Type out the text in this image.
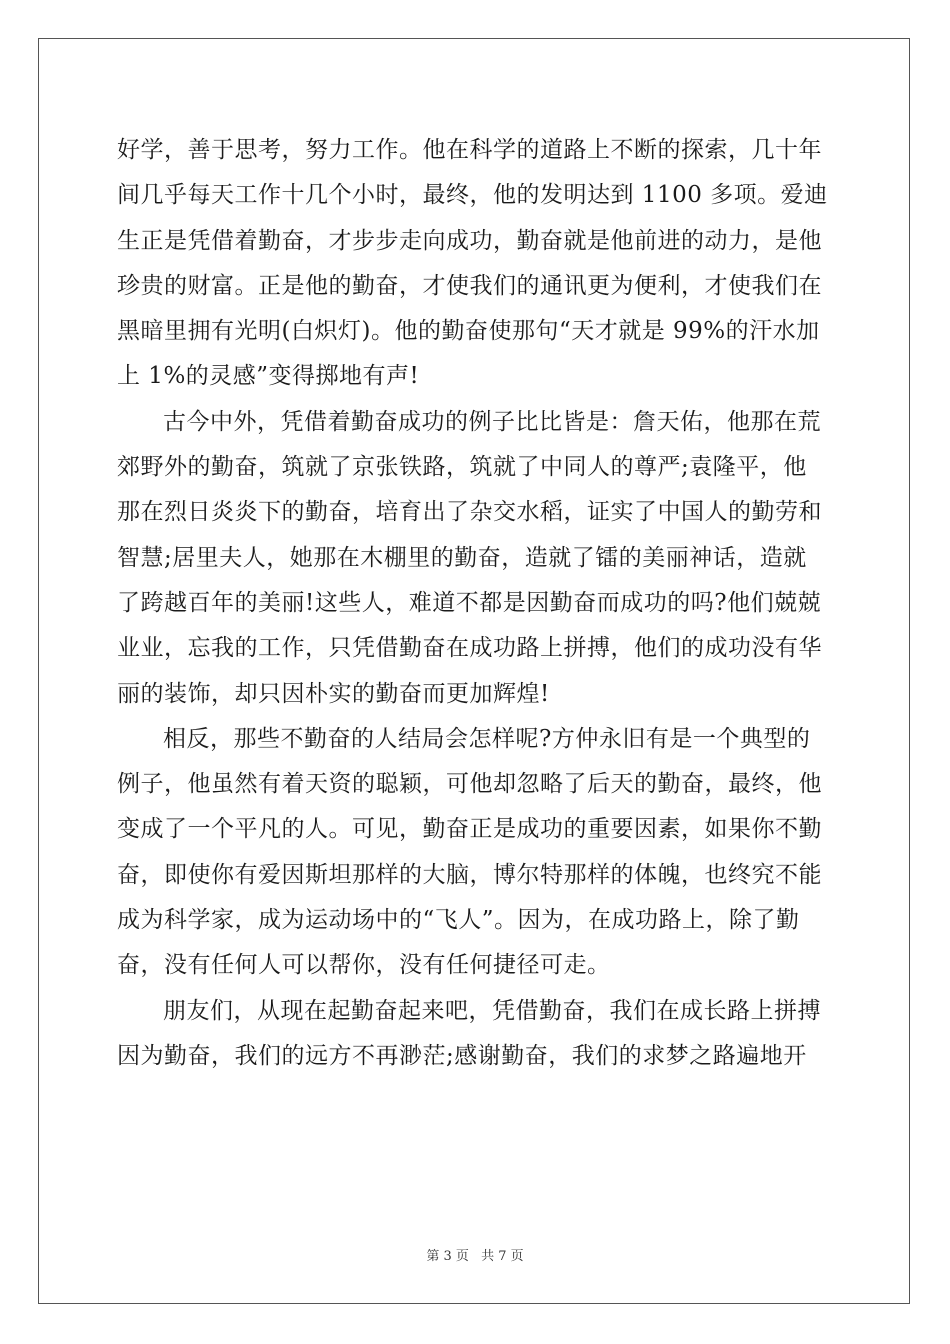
好学，善于思考，努力工作。他在科学的道路上不断的探索，几十年
间几乎每天工作十几个小时，最终，他的发明达到 1100 多项。爱迪
生正是凭借着勤奋，才步步走向成功，勤奋就是他前进的动力，是他
珍贵的财富。正是他的勤奋，才使我们的通讯更为便利，才使我们在
黑暗里拥有光明(白炽灯)。他的勤奋使那句“天才就是 99%的汗水加
上 1%的灵感”变得掷地有声!
古今中外，凭借着勤奋成功的例子比比皆是：詹天佑，他那在荒
郊野外的勤奋，筑就了京张铁路，筑就了中同人的尊严;袁隆平，他
那在烈日炎炎下的勤奋，培育出了杂交水稻，证实了中国人的勤劳和
智慧;居里夫人，她那在木棚里的勤奋，造就了镭的美丽神话，造就
了跨越百年的美丽!这些人，难道不都是因勤奋而成功的吗?他们兢兢
业业，忘我的工作，只凭借勤奋在成功路上拼搏，他们的成功没有华
丽的装饰，却只因朴实的勤奋而更加辉煌!
相反，那些不勤奋的人结局会怎样呢?方仲永旧有是一个典型的
例子，他虽然有着天资的聪颖，可他却忽略了后天的勤奋，最终，他
变成了一个平凡的人。可见，勤奋正是成功的重要因素，如果你不勤
奋，即使你有爱因斯坦那样的大脑，博尔特那样的体魄，也终究不能
成为科学家，成为运动场中的“飞人”。因为，在成功路上，除了勤
奋，没有任何人可以帮你，没有任何捷径可走。
朋友们，从现在起勤奋起来吧，凭借勤奋，我们在成长路上拼搏
因为勤奋，我们的远方不再渺茫;感谢勤奋，我们的求梦之路遍地开
第 3 页 共 7 页
